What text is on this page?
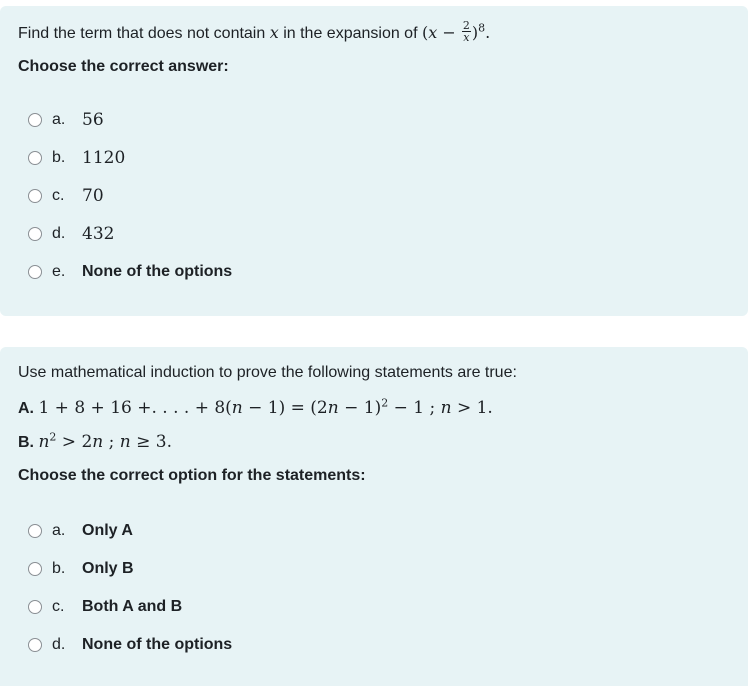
Find the term that does not contain x in the expansion of $(x - \frac{2}{x} )^8$.
Choose the correct answer:
a. 56
b. 1120
c.	70
d. 432
e.	None of the options
Use mathematical induction to prove the following statements are true:
A. 1 + 8 + 16 +. . . . + $8(n - 1) = (2n - 1)^2 - 1$ ; n > 1.
B. $n^2 > 2n$ ; n ≥ 3.
Choose the correct option for the statements:
a.	Only A
b.	Only B
c.	Both A and B
d.	None of the options
